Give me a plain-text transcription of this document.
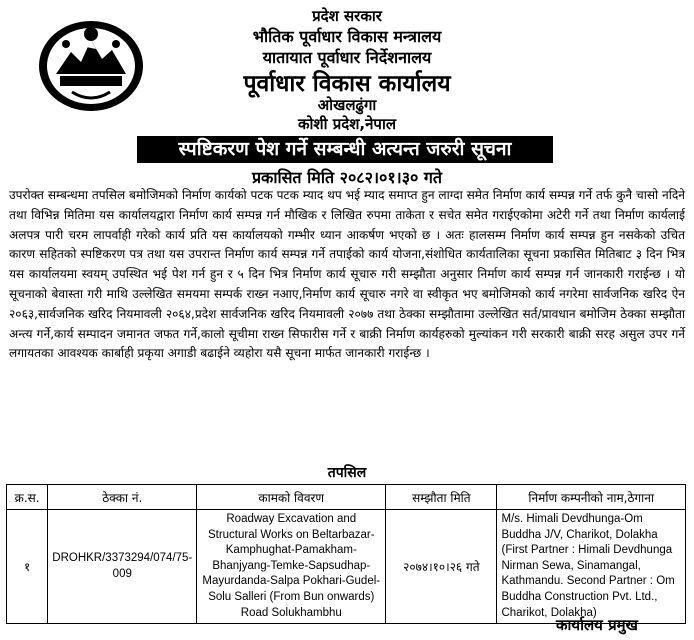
प्रदेश सरकार
भौतिक पूर्वाधार विकास मन्त्रालय
यातायात पूर्वाधार निर्देशनालय
पूर्वाधार विकास कार्यालय
ओखलढुंगा
कोशी प्रदेश,नेपाल
स्पष्टिकरण पेश गर्ने सम्बन्धी अत्यन्त जरुरी सूचना
प्रकासित मिति २०८२।०१।३० गते
उपरोक्त सम्बन्धमा तपसिल बमोजिमको निर्माण कार्यको पटक पटक म्याद थप भई म्याद समाप्त हुन लाग्दा समेत निर्माण कार्य सम्पन्न गर्ने तर्फ कुनै चासो नदिने तथा विभिन्न मितिमा यस कार्यालयद्वारा निर्माण कार्य सम्पन्न गर्न मौखिक र लिखित रुपमा ताकेता र सचेत समेत गराईएकोमा अटेरी गर्ने तथा निर्माण कार्यलाई अलपत्र पारी चरम लापर्वाही गरेको कार्य प्रति यस कार्यालयको गम्भीर ध्यान आकर्षण भएको छ । अतः हालसम्म निर्माण कार्य सम्पन्न हुन नसकेको उचित कारण सहितको स्पष्टिकरण पत्र तथा यस उपरान्त निर्माण कार्य सम्पन्न गर्ने तपाईको कार्य योजना,संशोधित कार्यतालिका सूचना प्रकासित मितिबाट ३ दिन भित्र यस कार्यालयमा स्वयम् उपस्थित भई पेश गर्न हुन र ५ दिन भित्र निर्माण कार्य सूचारु गरी सम्झौता अनुसार निर्माण कार्य सम्पन्न गर्न जानकारी गराईन्छ । यो सूचनाको बेवास्ता गरी माथि उल्लेखित समयमा सम्पर्क राख्न नआए,निर्माण कार्य सूचारु नगरे वा स्वीकृत भए बमोजिमको कार्य नगरेमा सार्वजनिक खरिद ऐन २०६३,सार्वजनिक खरिद नियमावली २०६४,प्रदेश सार्वजनिक खरिद नियमावली २०७७ तथा ठेक्का सम्झौतामा उल्लेखित सर्त/प्रावधान बमोजिम ठेक्का सम्झौता अन्त्य गर्ने,कार्य सम्पादन जमानत जफत गर्ने,कालो सूचीमा राख्न सिफारीस गर्ने र बाक्री निर्माण कार्यहरुको मुल्यांकन गरी सरकारी बाक्री सरह असुल उपर गर्ने लगायतका आवश्यक कार्बाही प्रकृया अगाडी बढाईने व्यहोरा यसै सूचना मार्फत जानकारी गराईन्छ ।
तपसिल
क्र.स.	ठेक्का नं.	कामको विवरण	सम्झौता मिति	निर्माण कम्पनीको नाम,ठेगाना
१	DROHKR/3373294/074/75-009	Roadway Excavation and Structural Works on Beltarbazar-Kamphughat-Pamakham-Bhanjyang-Temke-Sapsudhap-Mayurdanda-Salpa Pokhari-Gudel-Solu Salleri (From Bun onwards) Road Solukhambhu	२०७४।१०।२६ गते	M/s. Himali Devdhunga-Om Buddha J/V, Charikot, Dolakha (First Partner : Himali Devdhunga Nirman Sewa, Sinamangal, Kathmandu. Second Partner : Om Buddha Construction Pvt. Ltd., Charikot, Dolakha)
कार्यालय प्रमुख
